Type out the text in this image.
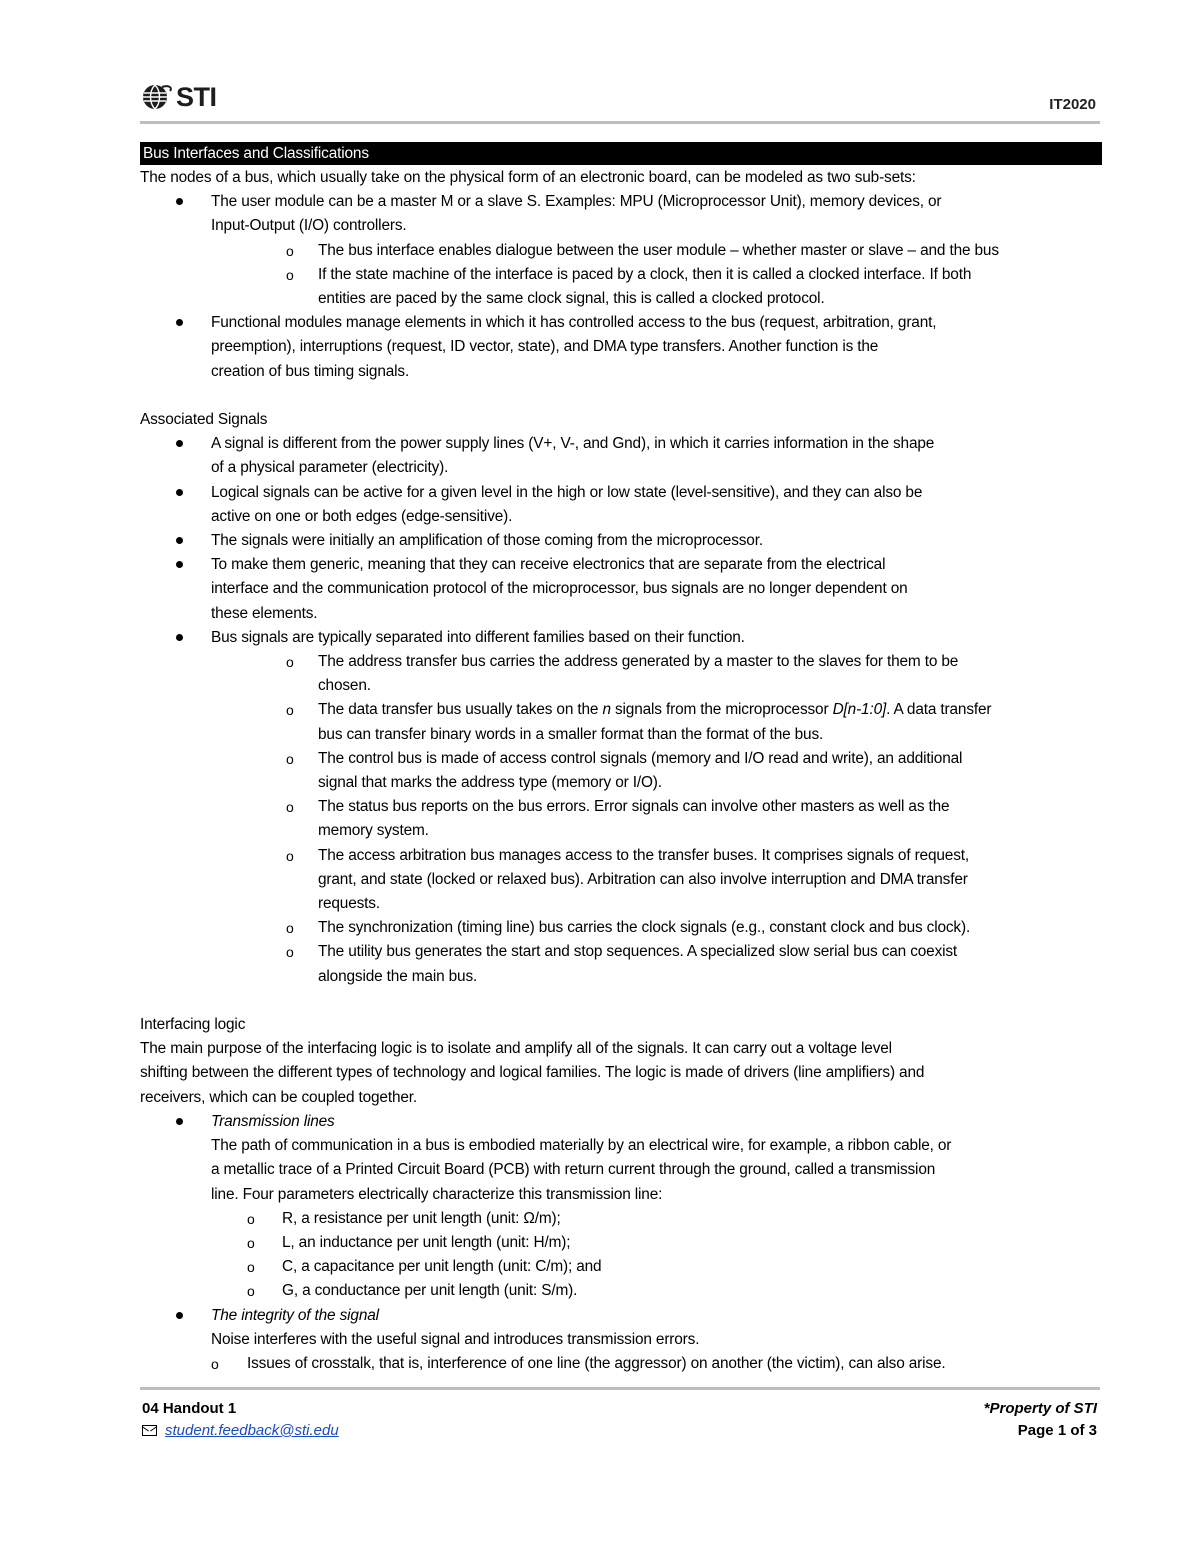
STI	IT2020
Bus Interfaces and Classifications

The nodes of a bus, which usually take on the physical form of an electronic board, can be modeled as two sub-sets:

The user module can be a master M or a slave S. Examples: MPU (Microprocessor Unit), memory devices, or
Input-Output (I/O) controllers.
o The bus interface enables dialogue between the user module – whether master or slave – and the bus
o If the state machine of the interface is paced by a clock, then it is called a clocked interface. If both
entities are paced by the same clock signal, this is called a clocked protocol.
Functional modules manage elements in which it has controlled access to the bus (request, arbitration, grant,
preemption), interruptions (request, ID vector, state), and DMA type transfers. Another function is the
creation of bus timing signals.

Associated Signals

A signal is different from the power supply lines (V+, V-, and Gnd), in which it carries information in the shape
of a physical parameter (electricity).
Logical signals can be active for a given level in the high or low state (level-sensitive), and they can also be
active on one or both edges (edge-sensitive).
The signals were initially an amplification of those coming from the microprocessor.
To make them generic, meaning that they can receive electronics that are separate from the electrical
interface and the communication protocol of the microprocessor, bus signals are no longer dependent on
these elements.
Bus signals are typically separated into different families based on their function.
o The address transfer bus carries the address generated by a master to the slaves for them to be
chosen.
o The data transfer bus usually takes on the n signals from the microprocessor D[n-1:0]. A data transfer
bus can transfer binary words in a smaller format than the format of the bus.
o The control bus is made of access control signals (memory and I/O read and write), an additional
signal that marks the address type (memory or I/O).
o The status bus reports on the bus errors. Error signals can involve other masters as well as the
memory system.
o The access arbitration bus manages access to the transfer buses. It comprises signals of request,
grant, and state (locked or relaxed bus). Arbitration can also involve interruption and DMA transfer
requests.
o The synchronization (timing line) bus carries the clock signals (e.g., constant clock and bus clock).
o The utility bus generates the start and stop sequences. A specialized slow serial bus can coexist
alongside the main bus.

Interfacing logic

The main purpose of the interfacing logic is to isolate and amplify all of the signals. It can carry out a voltage level

shifting between the different types of technology and logical families. The logic is made of drivers (line amplifiers) and

receivers, which can be coupled together.

Transmission lines
The path of communication in a bus is embodied materially by an electrical wire, for example, a ribbon cable, or
a metallic trace of a Printed Circuit Board (PCB) with return current through the ground, called a transmission
line. Four parameters electrically characterize this transmission line:
o R, a resistance per unit length (unit: Ω/m);
o L, an inductance per unit length (unit: H/m);
o C, a capacitance per unit length (unit: C/m); and
o G, a conductance per unit length (unit: S/m).
The integrity of the signal
Noise interferes with the useful signal and introduces transmission errors.
o Issues of crosstalk, that is, interference of one line (the aggressor) on another (the victim), can also arise.
04 Handout 1
student.feedback@sti.edu
*Property of STI
Page 1 of 3
